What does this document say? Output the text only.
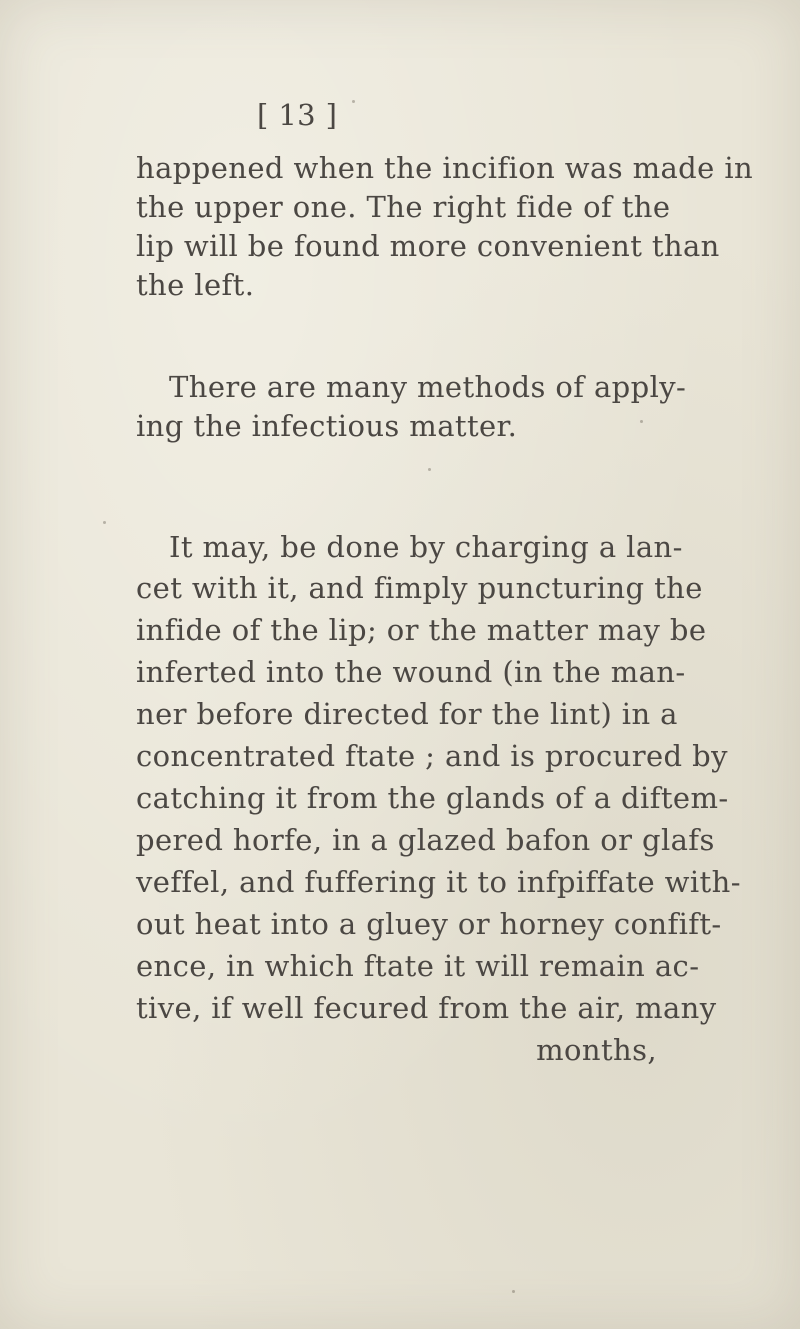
[ 13 ]
happened when the incifion was made in
the upper one. The right fide of the
lip will be found more convenient than
the left.
There are many methods of apply-
ing the infectious matter.
It may, be done by charging a lan-
cet with it, and fimply puncturing the
infide of the lip; or the matter may be
inferted into the wound (in the man-
ner before directed for the lint) in a
concentrated ftate ; and is procured by
catching it from the glands of a diftem-
pered horfe, in a glazed bafon or glafs
veffel, and fuffering it to infpiffate with-
out heat into a gluey or horney confift-
ence, in which ftate it will remain ac-
tive, if well fecured from the air, many
months,
